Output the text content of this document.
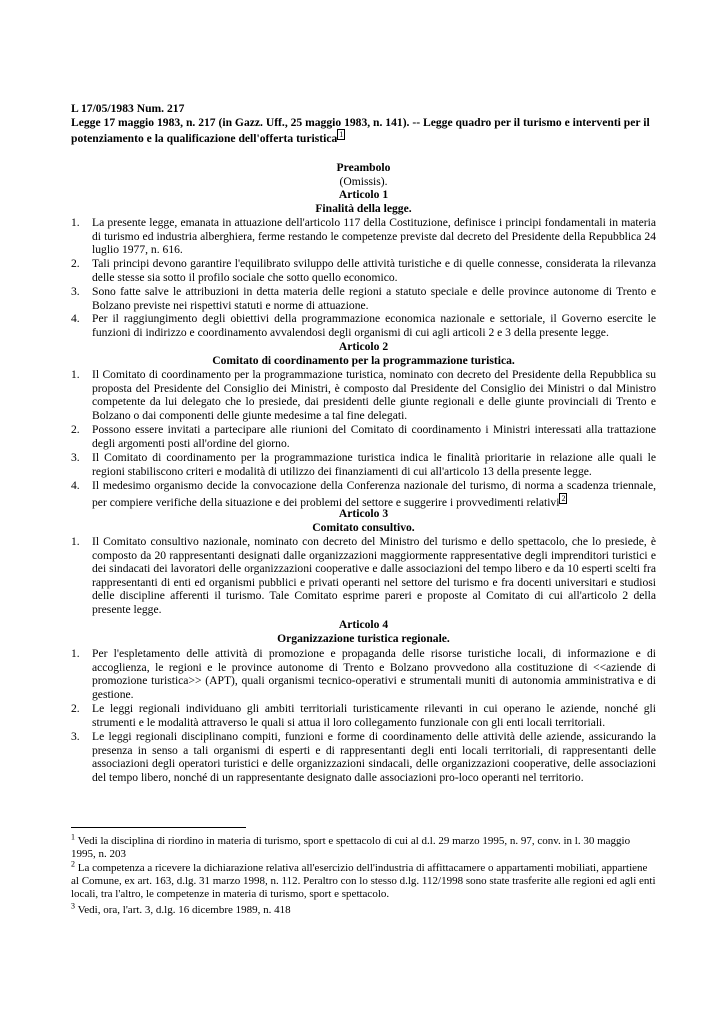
L 17/05/1983 Num. 217
Legge 17 maggio 1983, n. 217 (in Gazz. Uff., 25 maggio 1983, n. 141). -- Legge quadro per il turismo e interventi per il potenziamento e la qualificazione dell'offerta turistica 1
Preambolo
(Omissis).
Articolo 1
Finalità della legge.
1. La presente legge, emanata in attuazione dell'articolo 117 della Costituzione, definisce i principi fondamentali in materia di turismo ed industria alberghiera, ferme restando le competenze previste dal decreto del Presidente della Repubblica 24 luglio 1977, n. 616.
2. Tali principi devono garantire l'equilibrato sviluppo delle attività turistiche e di quelle connesse, considerata la rilevanza delle stesse sia sotto il profilo sociale che sotto quello economico.
3. Sono fatte salve le attribuzioni in detta materia delle regioni a statuto speciale e delle province autonome di Trento e Bolzano previste nei rispettivi statuti e norme di attuazione.
4. Per il raggiungimento degli obiettivi della programmazione economica nazionale e settoriale, il Governo esercite le funzioni di indirizzo e coordinamento avvalendosi degli organismi di cui agli articoli 2 e 3 della presente legge.
Articolo 2
Comitato di coordinamento per la programmazione turistica.
1. Il Comitato di coordinamento per la programmazione turistica, nominato con decreto del Presidente della Repubblica su proposta del Presidente del Consiglio dei Ministri, è composto dal Presidente del Consiglio dei Ministri o dal Ministro competente da lui delegato che lo presiede, dai presidenti delle giunte regionali e delle giunte provinciali di Trento e Bolzano o dai componenti delle giunte medesime a tal fine delegati.
2. Possono essere invitati a partecipare alle riunioni del Comitato di coordinamento i Ministri interessati alla trattazione degli argomenti posti all'ordine del giorno.
3. Il Comitato di coordinamento per la programmazione turistica indica le finalità prioritarie in relazione alle quali le regioni stabiliscono criteri e modalità di utilizzo dei finanziamenti di cui all'articolo 13 della presente legge.
4. Il medesimo organismo decide la convocazione della Conferenza nazionale del turismo, di norma a scadenza triennale, per compiere verifiche della situazione e dei problemi del settore e suggerire i provvedimenti relativi 2
Articolo 3
Comitato consultivo.
1. Il Comitato consultivo nazionale, nominato con decreto del Ministro del turismo e dello spettacolo, che lo presiede, è composto da 20 rappresentanti designati dalle organizzazioni maggiormente rappresentative degli imprenditori turistici e dei sindacati dei lavoratori delle organizzazioni cooperative e dalle associazioni del tempo libero e da 10 esperti scelti fra rappresentanti di enti ed organismi pubblici e privati operanti nel settore del turismo e fra docenti universitari e studiosi delle discipline afferenti il turismo. Tale Comitato esprime pareri e proposte al Comitato di cui all'articolo 2 della presente legge.
Articolo 4
Organizzazione turistica regionale.
1. Per l'espletamento delle attività di promozione e propaganda delle risorse turistiche locali, di informazione e di accoglienza, le regioni e le province autonome di Trento e Bolzano provvedono alla costituzione di <<aziende di promozione turistica>> (APT), quali organismi tecnico-operativi e strumentali muniti di autonomia amministrativa e di gestione.
2. Le leggi regionali individuano gli ambiti territoriali turisticamente rilevanti in cui operano le aziende, nonché gli strumenti e le modalità attraverso le quali si attua il loro collegamento funzionale con gli enti locali territoriali.
3. Le leggi regionali disciplinano compiti, funzioni e forme di coordinamento delle attività delle aziende, assicurando la presenza in senso a tali organismi di esperti e di rappresentanti degli enti locali territoriali, di rappresentanti delle associazioni degli operatori turistici e delle organizzazioni sindacali, delle organizzazioni cooperative, delle associazioni del tempo libero, nonché di un rappresentante designato dalle associazioni pro-loco operanti nel territorio.
$^1$ Vedi la disciplina di riordino in materia di turismo, sport e spettacolo di cui al d.l. 29 marzo 1995, n. 97, conv. in l. 30 maggio 1995, n. 203
$^2$ La competenza a ricevere la dichiarazione relativa all'esercizio dell'industria di affittacamere o appartamenti mobiliati, appartiene al Comune, ex art. 163, d.lg. 31 marzo 1998, n. 112. Peraltro con lo stesso d.lg. 112/1998 sono state trasferite alle regioni ed agli enti locali, tra l'altro, le competenze in materia di turismo, sport e spettacolo.
$^3$ Vedi, ora, l'art. 3, d.lg. 16 dicembre 1989, n. 418
